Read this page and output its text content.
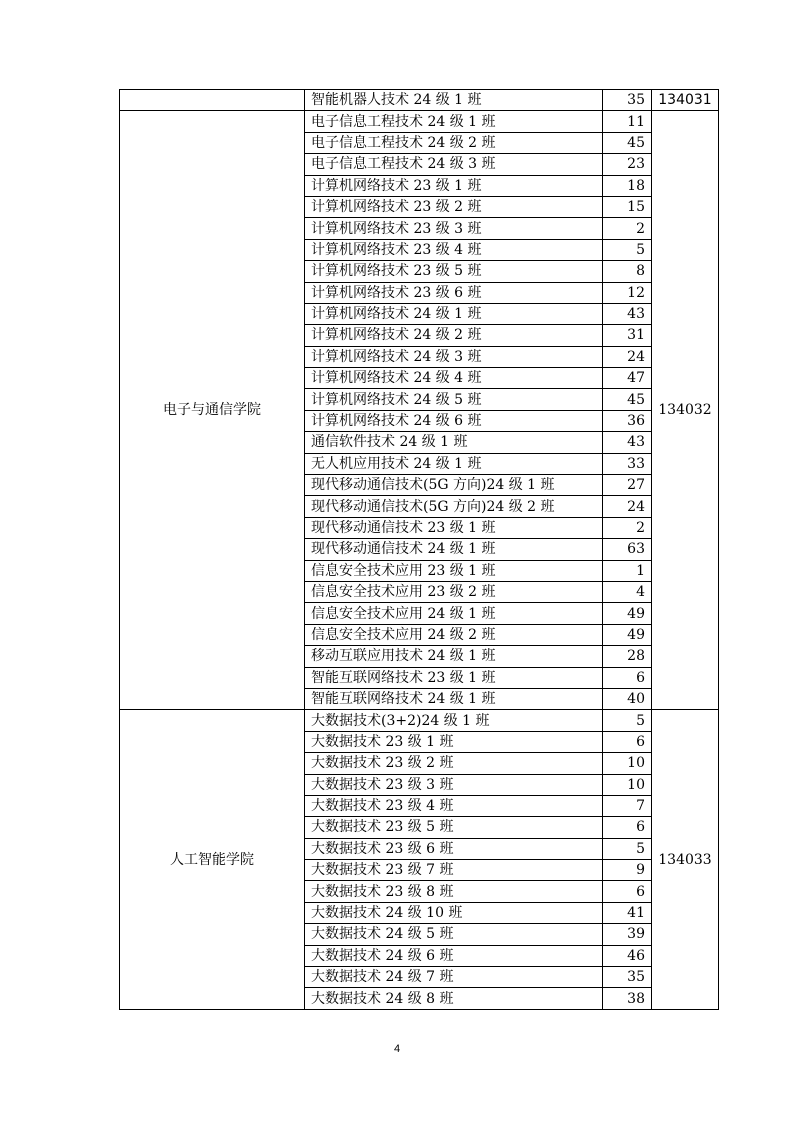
	智能机器人技术 24 级 1 班	35	134031
电子与通信学院	电子信息工程技术 24 级 1 班	11	134032
	电子信息工程技术 24 级 2 班	45	
	电子信息工程技术 24 级 3 班	23	
	计算机网络技术 23 级 1 班	18	
	计算机网络技术 23 级 2 班	15	
	计算机网络技术 23 级 3 班	2	
	计算机网络技术 23 级 4 班	5	
	计算机网络技术 23 级 5 班	8	
	计算机网络技术 23 级 6 班	12	
	计算机网络技术 24 级 1 班	43	
	计算机网络技术 24 级 2 班	31	
	计算机网络技术 24 级 3 班	24	
	计算机网络技术 24 级 4 班	47	
	计算机网络技术 24 级 5 班	45	
	计算机网络技术 24 级 6 班	36	
	通信软件技术 24 级 1 班	43	
	无人机应用技术 24 级 1 班	33	
	现代移动通信技术(5G 方向)24 级 1 班	27	
	现代移动通信技术(5G 方向)24 级 2 班	24	
	现代移动通信技术 23 级 1 班	2	
	现代移动通信技术 24 级 1 班	63	
	信息安全技术应用 23 级 1 班	1	
	信息安全技术应用 23 级 2 班	4	
	信息安全技术应用 24 级 1 班	49	
	信息安全技术应用 24 级 2 班	49	
	移动互联应用技术 24 级 1 班	28	
	智能互联网络技术 23 级 1 班	6	
	智能互联网络技术 24 级 1 班	40	
人工智能学院	大数据技术(3+2)24 级 1 班	5	134033
	大数据技术 23 级 1 班	6	
	大数据技术 23 级 2 班	10	
	大数据技术 23 级 3 班	10	
	大数据技术 23 级 4 班	7	
	大数据技术 23 级 5 班	6	
	大数据技术 23 级 6 班	5	
	大数据技术 23 级 7 班	9	
	大数据技术 23 级 8 班	6	
	大数据技术 24 级 10 班	41	
	大数据技术 24 级 5 班	39	
	大数据技术 24 级 6 班	46	
	大数据技术 24 级 7 班	35	
	大数据技术 24 级 8 班	38	
4
